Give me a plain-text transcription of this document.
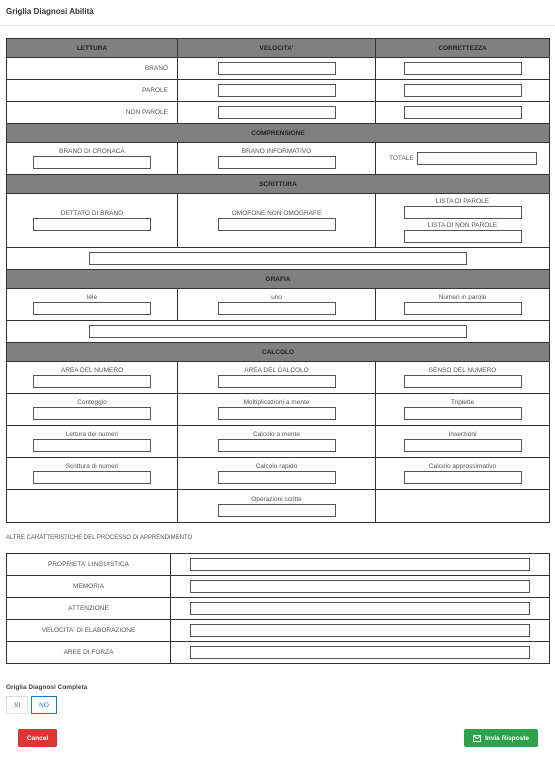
Griglia Diagnosi Abilità
LETTURA	VELOCITA'	CORRETTEZZA
BRANO		
PAROLE		
NON PAROLE		
COMPRENSIONE		

BRANO DI CRONACA	BRANO INFORMATIVO	TOTALE

SCRITTURA		

DETTATO DI BRANO	OMOFONE NON OMOGRAFE	LISTA DI PAROLE
LISTA DI NON PAROLE

GRAFIA		

lele	uno	Numeri in parole

CALCOLO		

AREA DEL NUMERO	AREA DEL CALCOLO	SENSO DEL NUMERO

Conteggio	Moltiplicazioni a mente	Triplette

Lettura dei numeri	Calcolo a mente	Inserzioni

Scrittura di numeri	Calcolo rapido	Calcolo approssimativo

	Operazioni scritte	

ALTRE CARATTERISTICHE DEL PROCESSO DI APPRENDIMENTO
PROPRIETA' LINGUISTICA	
MEMORIA	
ATTENZIONE	
VELOCITA' DI ELABORAZIONE	
AREE DI FORZA	
Griglia Diagnosi Completa
SI	NO
Cancel	Invia Risposte
